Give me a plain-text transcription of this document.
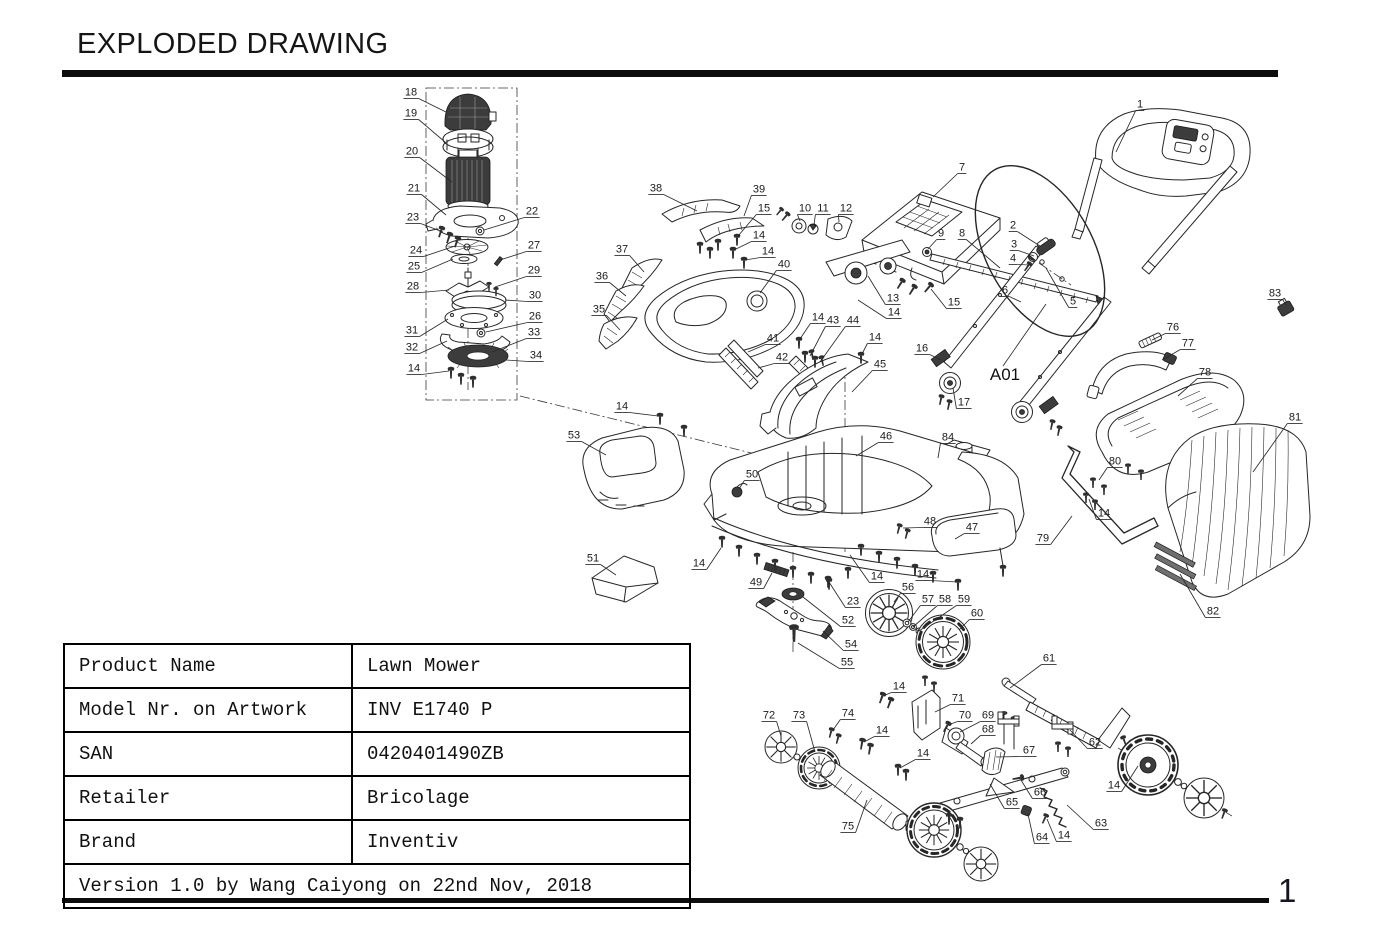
EXPLODED DRAWING
1
18
19
20
21
23	22
24
25
27
28
29
30
31
26
32
33
34
14
38	39
15
14
14
37
36
40
35
7
10 11 12
9 8
13
14
15
1
2
3
4
5
6	83
76
77
78
81
80
14
79
82
41
42
43 44
14
14
45
16
17
46	84
14
53
50
51	14
49
48	47
14	14
23
52
56
57 58 59
60
54
55	61
14
71
70 69
68
67
62
72 73	74
14
14
66
65
63
64 14
75
14
A01
Product Name	Lawn Mower
Model Nr. on Artwork	INV E1740 P
SAN	0420401490ZB
Retailer	Bricolage
Brand	Inventiv
Version 1.0 by Wang Caiyong on 22nd Nov, 2018	
